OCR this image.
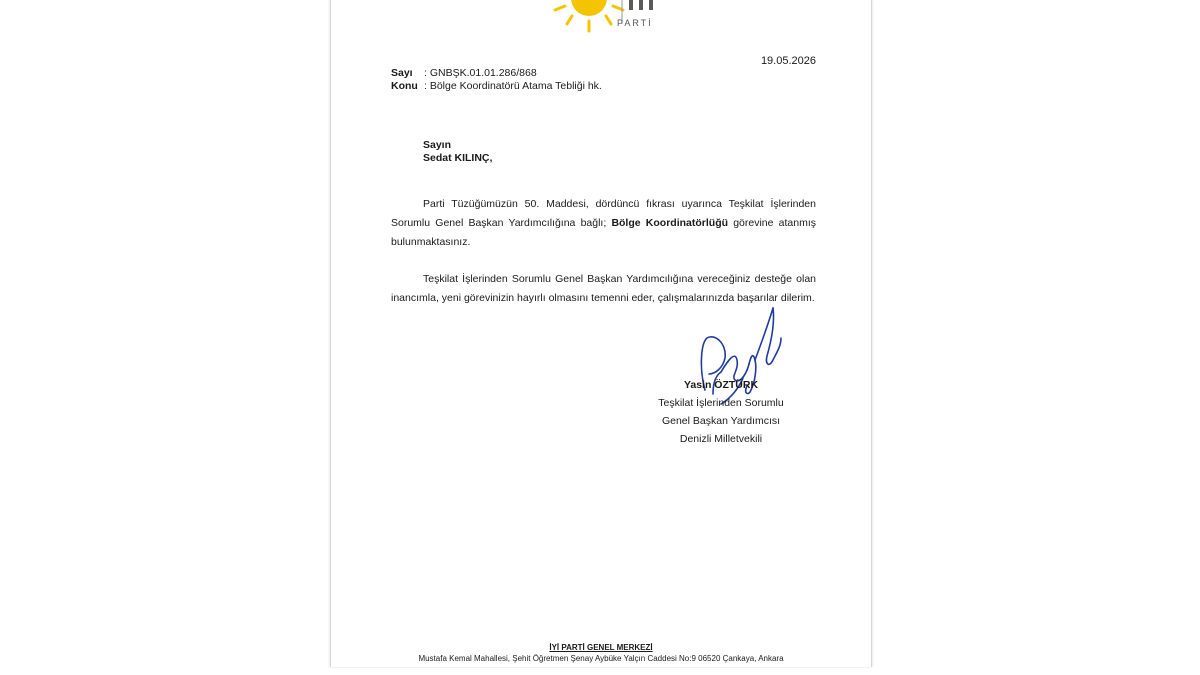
PARTİ
19.05.2026
Sayı : GNBŞK.01.01.286/868
Konu : Bölge Koordinatörü Atama Tebliği hk.
Sayın
Sedat KILINÇ,
Parti Tüzüğümüzün 50. Maddesi, dördüncü fıkrası uyarınca Teşkilat İşlerinden Sorumlu Genel Başkan Yardımcılığına bağlı; Bölge Koordinatörlüğü görevine atanmış bulunmaktasınız.
Teşkilat İşlerinden Sorumlu Genel Başkan Yardımcılığına vereceğiniz desteğe olan inancımla, yeni görevinizin hayırlı olmasını temenni eder, çalışmalarınızda başarılar dilerim.
Yasin ÖZTÜRK
Teşkilat İşlerinden Sorumlu
Genel Başkan Yardımcısı
Denizli Milletvekili
İYİ PARTİ GENEL MERKEZİ
Mustafa Kemal Mahallesi, Şehit Öğretmen Şenay Aybüke Yalçın Caddesi No:9 06520 Çankaya, Ankara
